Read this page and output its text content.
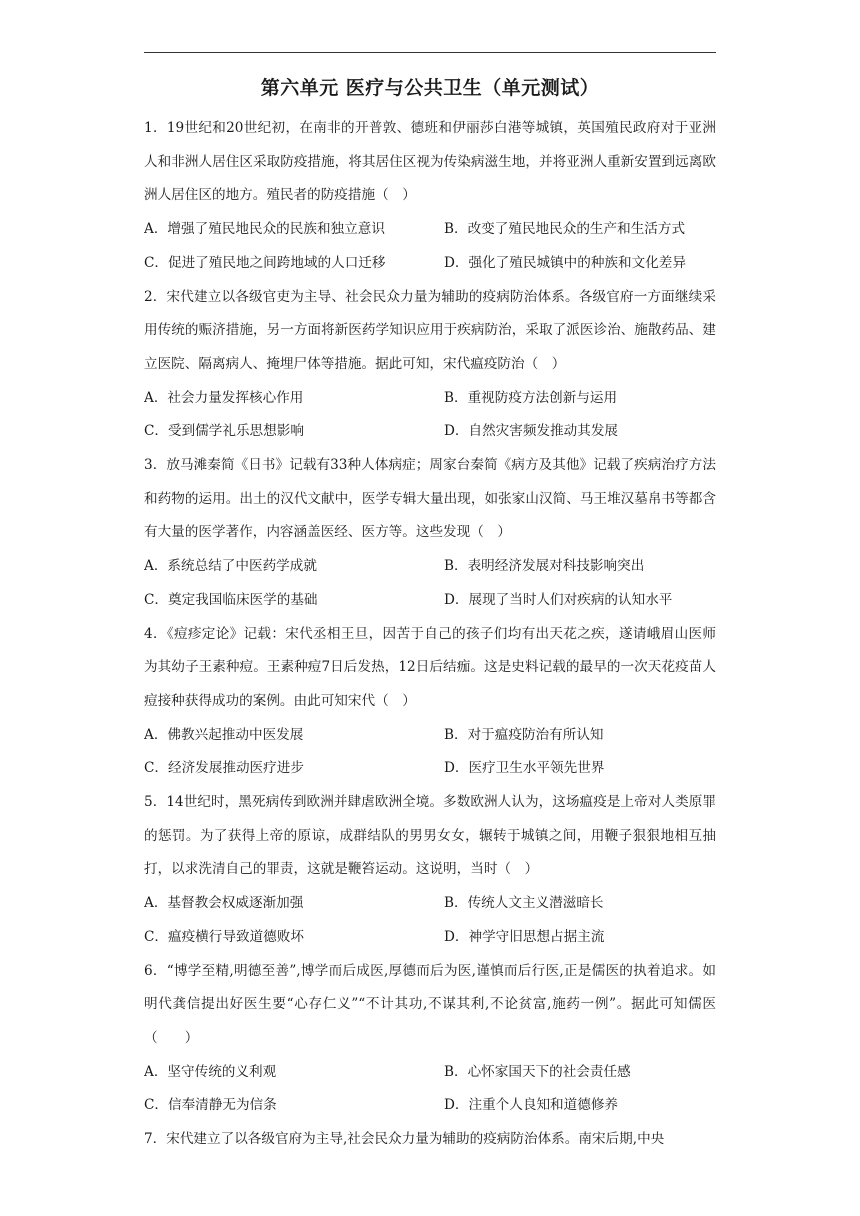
第六单元 医疗与公共卫生（单元测试）

1．19世纪和20世纪初，在南非的开普敦、德班和伊丽莎白港等城镇，英国殖民政府对于亚洲人和非洲人居住区采取防疫措施，将其居住区视为传染病滋生地，并将亚洲人重新安置到远离欧洲人居住区的地方。殖民者的防疫措施（　）

A．增强了殖民地民众的民族和独立意识	B．改变了殖民地民众的生产和生活方式
C．促进了殖民地之间跨地域的人口迁移	D．强化了殖民城镇中的种族和文化差异

2．宋代建立以各级官吏为主导、社会民众力量为辅助的疫病防治体系。各级官府一方面继续采用传统的赈济措施，另一方面将新医药学知识应用于疾病防治，采取了派医诊治、施散药品、建立医院、隔离病人、掩埋尸体等措施。据此可知，宋代瘟疫防治（　）

A．社会力量发挥核心作用	B．重视防疫方法创新与运用
C．受到儒学礼乐思想影响	D．自然灾害频发推动其发展

3．放马滩秦简《日书》记载有33种人体病症；周家台秦简《病方及其他》记载了疾病治疗方法和药物的运用。出土的汉代文献中，医学专辑大量出现，如张家山汉简、马王堆汉墓帛书等都含有大量的医学著作，内容涵盖医经、医方等。这些发现（　）

A．系统总结了中医药学成就	B．表明经济发展对科技影响突出
C．奠定我国临床医学的基础	D．展现了当时人们对疾病的认知水平

4．《痘疹定论》记载：宋代丞相王旦，因苦于自己的孩子们均有出天花之疾，遂请峨眉山医师为其幼子王素种痘。王素种痘7日后发热，12日后结痂。这是史料记载的最早的一次天花疫苗人痘接种获得成功的案例。由此可知宋代（　）

A．佛教兴起推动中医发展	B．对于瘟疫防治有所认知
C．经济发展推动医疗进步	D．医疗卫生水平领先世界

5．14世纪时，黑死病传到欧洲并肆虐欧洲全境。多数欧洲人认为，这场瘟疫是上帝对人类原罪的惩罚。为了获得上帝的原谅，成群结队的男男女女，辗转于城镇之间，用鞭子狠狠地相互抽打，以求洗清自己的罪责，这就是鞭笞运动。这说明，当时（　）

A．基督教会权威逐渐加强	B．传统人文主义潜滋暗长
C．瘟疫横行导致道德败坏	D．神学守旧思想占据主流

6．“博学至精,明德至善”,博学而后成医,厚德而后为医,谨慎而后行医,正是儒医的执着追求。如明代龚信提出好医生要“心存仁义”“不计其功,不谋其利,不论贫富,施药一例”。据此可知儒医（　　）

A．坚守传统的义利观	B．心怀家国天下的社会责任感
C．信奉清静无为信条	D．注重个人良知和道德修养

7．宋代建立了以各级官府为主导,社会民众力量为辅助的疫病防治体系。南宋后期,中央
